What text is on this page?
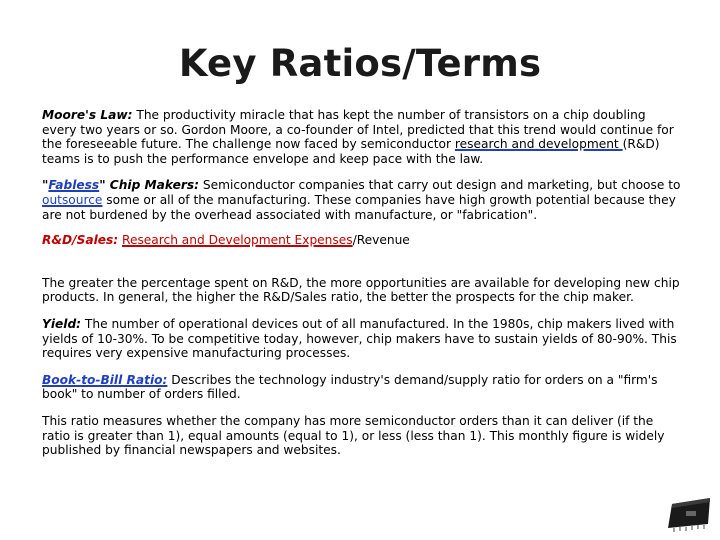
Key Ratios/Terms

Moore's Law: The productivity miracle that has kept the number of transistors on a chip doubling every two years or so. Gordon Moore, a co-founder of Intel, predicted that this trend would continue for the foreseeable future. The challenge now faced by semiconductor research and development (R&D) teams is to push the performance envelope and keep pace with the law.

"Fabless" Chip Makers: Semiconductor companies that carry out design and marketing, but choose to outsource some or all of the manufacturing. These companies have high growth potential because they are not burdened by the overhead associated with manufacture, or "fabrication".

R&D/Sales: Research and Development Expenses/Revenue

The greater the percentage spent on R&D, the more opportunities are available for developing new chip products. In general, the higher the R&D/Sales ratio, the better the prospects for the chip maker.

Yield: The number of operational devices out of all manufactured. In the 1980s, chip makers lived with yields of 10-30%. To be competitive today, however, chip makers have to sustain yields of 80-90%. This requires very expensive manufacturing processes.

Book-to-Bill Ratio: Describes the technology industry's demand/supply ratio for orders on a "firm's book" to number of orders filled.

This ratio measures whether the company has more semiconductor orders than it can deliver (if the ratio is greater than 1), equal amounts (equal to 1), or less (less than 1). This monthly figure is widely published by financial newspapers and websites.
